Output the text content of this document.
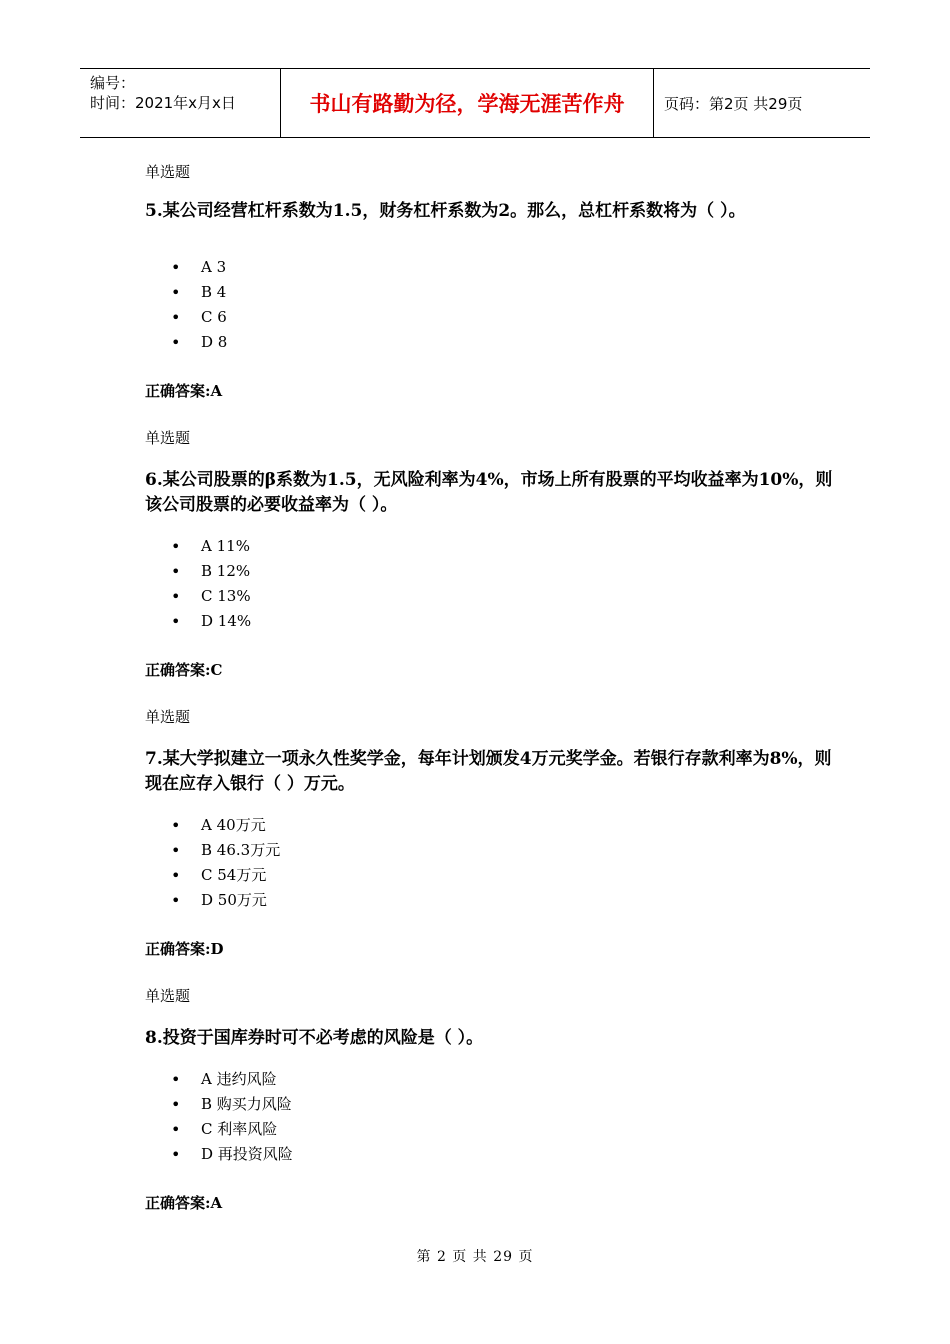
编号：
时间：2021年x月x日	书山有路勤为径，学海无涯苦作舟	页码：第2页 共29页
单选题
5.某公司经营杠杆系数为1.5，财务杠杆系数为2。那么，总杠杆系数将为（ ）。
• A 3
• B 4
• C 6
• D 8
正确答案:A
单选题
6.某公司股票的β系数为1.5，无风险利率为4%，市场上所有股票的平均收益率为10%，则该公司股票的必要收益率为（ ）。
• A 11%
• B 12%
• C 13%
• D 14%
正确答案:C
单选题
7.某大学拟建立一项永久性奖学金，每年计划颁发4万元奖学金。若银行存款利率为8%，则现在应存入银行（ ）万元。
• A 40万元
• B 46.3万元
• C 54万元
• D 50万元
正确答案:D
单选题
8.投资于国库券时可不必考虑的风险是（ ）。
• A 违约风险
• B 购买力风险
• C 利率风险
• D 再投资风险
正确答案:A
第 2 页 共 29 页
